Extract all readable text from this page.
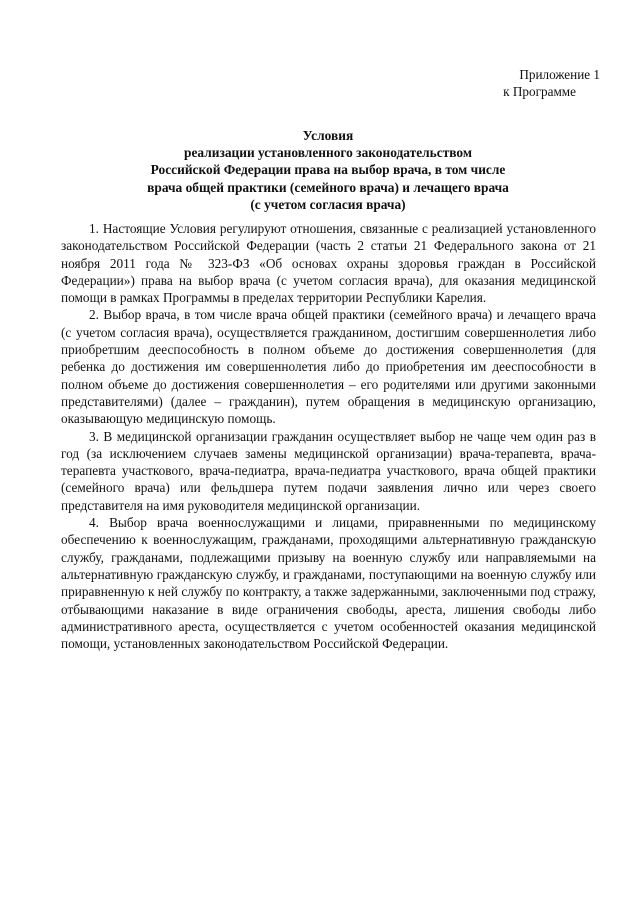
Приложение 1
к Программе
Условия
реализации установленного законодательством
Российской Федерации права на выбор врача, в том числе
врача общей практики (семейного врача) и лечащего врача
(с учетом согласия врача)

1. Настоящие Условия регулируют отношения, связанные с реализацией установленного законодательством Российской Федерации (часть 2 статьи 21 Федерального закона от 21 ноября 2011 года № 323-ФЗ «Об основах охраны здоровья граждан в Российской Федерации») права на выбор врача (с учетом согласия врача), для оказания медицинской помощи в рамках Программы в пределах территории Республики Карелия.

2. Выбор врача, в том числе врача общей практики (семейного врача) и лечащего врача (с учетом согласия врача), осуществляется гражданином, достигшим совершеннолетия либо приобретшим дееспособность в полном объеме до достижения совершеннолетия (для ребенка до достижения им совершеннолетия либо до приобретения им дееспособности в полном объеме до достижения совершеннолетия – его родителями или другими законными представителями) (далее – гражданин), путем обращения в медицинскую организацию, оказывающую медицинскую помощь.

3. В медицинской организации гражданин осуществляет выбор не чаще чем один раз в год (за исключением случаев замены медицинской организации) врача-терапевта, врача-терапевта участкового, врача-педиатра, врача-педиатра участкового, врача общей практики (семейного врача) или фельдшера путем подачи заявления лично или через своего представителя на имя руководителя медицинской организации.

4. Выбор врача военнослужащими и лицами, приравненными по медицинскому обеспечению к военнослужащим, гражданами, проходящими альтернативную гражданскую службу, гражданами, подлежащими призыву на военную службу или направляемыми на альтернативную гражданскую службу, и гражданами, поступающими на военную службу или приравненную к ней службу по контракту, а также задержанными, заключенными под стражу, отбывающими наказание в виде ограничения свободы, ареста, лишения свободы либо административного ареста, осуществляется с учетом особенностей оказания медицинской помощи, установленных законодательством Российской Федерации.
